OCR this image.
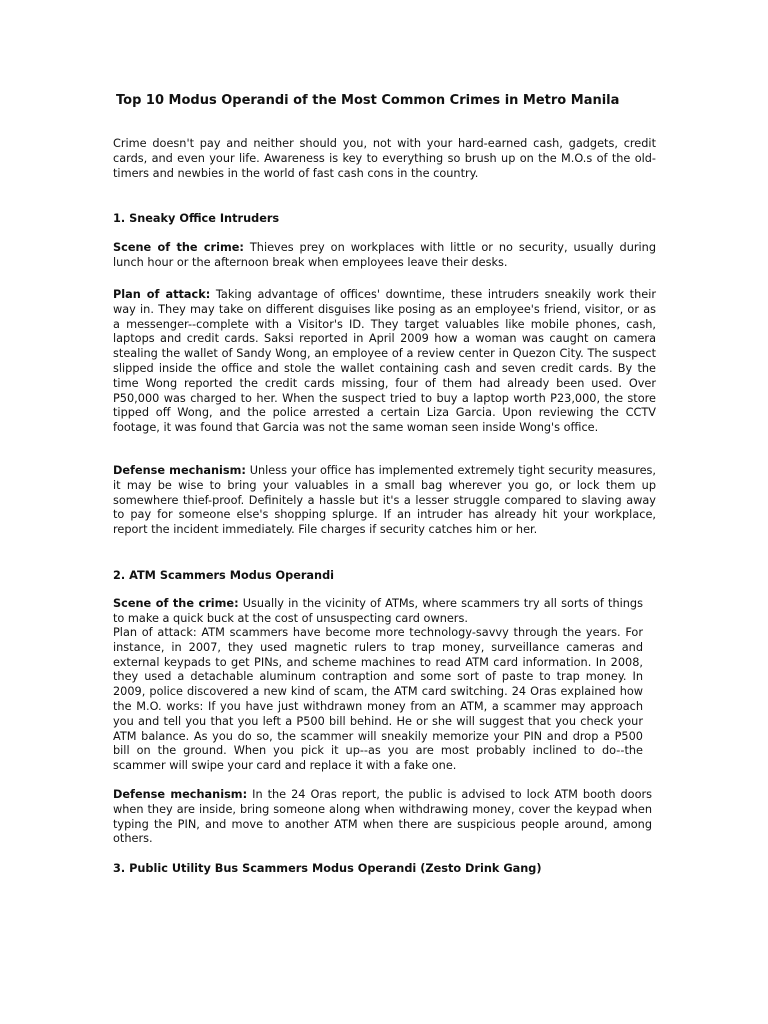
Top 10 Modus Operandi of the Most Common Crimes in Metro Manila

Crime doesn't pay and neither should you, not with your hard-earned cash, gadgets, credit cards, and even your life. Awareness is key to everything so brush up on the M.O.s of the old-timers and newbies in the world of fast cash cons in the country.

1. Sneaky Office Intruders

Scene of the crime: Thieves prey on workplaces with little or no security, usually during lunch hour or the afternoon break when employees leave their desks.

Plan of attack: Taking advantage of offices' downtime, these intruders sneakily work their way in. They may take on different disguises like posing as an employee's friend, visitor, or as a messenger--complete with a Visitor's ID. They target valuables like mobile phones, cash, laptops and credit cards. Saksi reported in April 2009 how a woman was caught on camera stealing the wallet of Sandy Wong, an employee of a review center in Quezon City. The suspect slipped inside the office and stole the wallet containing cash and seven credit cards. By the time Wong reported the credit cards missing, four of them had already been used. Over P50,000 was charged to her. When the suspect tried to buy a laptop worth P23,000, the store tipped off Wong, and the police arrested a certain Liza Garcia. Upon reviewing the CCTV footage, it was found that Garcia was not the same woman seen inside Wong's office.

Defense mechanism: Unless your office has implemented extremely tight security measures, it may be wise to bring your valuables in a small bag wherever you go, or lock them up somewhere thief-proof. Definitely a hassle but it's a lesser struggle compared to slaving away to pay for someone else's shopping splurge. If an intruder has already hit your workplace, report the incident immediately. File charges if security catches him or her.

2. ATM Scammers Modus Operandi

Scene of the crime: Usually in the vicinity of ATMs, where scammers try all sorts of things to make a quick buck at the cost of unsuspecting card owners.

Plan of attack: ATM scammers have become more technology-savvy through the years. For instance, in 2007, they used magnetic rulers to trap money, surveillance cameras and external keypads to get PINs, and scheme machines to read ATM card information. In 2008, they used a detachable aluminum contraption and some sort of paste to trap money. In 2009, police discovered a new kind of scam, the ATM card switching. 24 Oras explained how the M.O. works: If you have just withdrawn money from an ATM, a scammer may approach you and tell you that you left a P500 bill behind. He or she will suggest that you check your ATM balance. As you do so, the scammer will sneakily memorize your PIN and drop a P500 bill on the ground. When you pick it up--as you are most probably inclined to do--the scammer will swipe your card and replace it with a fake one.

Defense mechanism: In the 24 Oras report, the public is advised to lock ATM booth doors when they are inside, bring someone along when withdrawing money, cover the keypad when typing the PIN, and move to another ATM when there are suspicious people around, among others.

3. Public Utility Bus Scammers Modus Operandi (Zesto Drink Gang)
